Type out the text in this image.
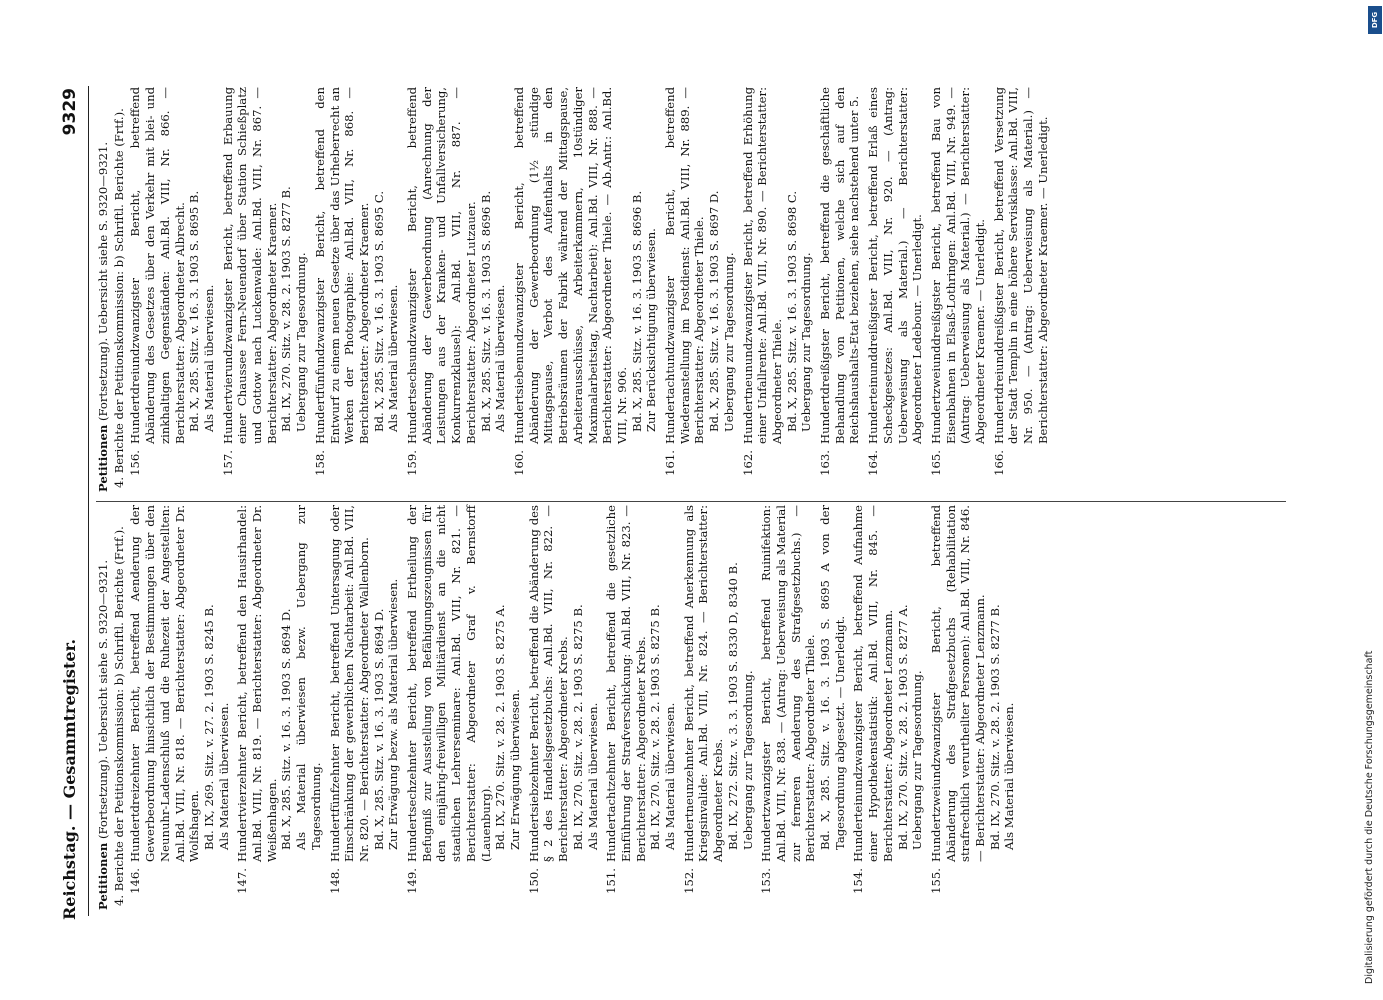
Reichstag. — Gesammtregister.
9329
Petitionen (Fortsetzung). Uebersicht siehe S. 9320—9321. 4. Berichte der Petitionskommission: b) Schriftl. Berichte (Frtf.). 146.
Hundertdreizehnter Bericht, betreffend Aenderung der Gewerbeordnung hinsichtlich der Bestimmungen über den Neunuhr-Ladenschluß und die Ruhezeit der Angestellten: Anl.Bd. VIII, Nr. 818. — Berichterstatter: Abgeordneter Dr. Wolfshagen. Bd. IX, 269. Sitz. v. 27. 2. 1903 S. 8245 B. Als Material überwiesen.
147.
Hundertvierzehnter Bericht, betreffend den Hausirhandel: Anl.Bd. VIII, Nr. 819. — Berichterstatter: Abgeordneter Dr. Weißenhagen. Bd. X, 285. Sitz. v. 16. 3. 1903 S. 8694 D. Als Material überwiesen bezw. Uebergang zur Tagesordnung.
148.
Hundertfünfzehnter Bericht, betreffend Untersagung oder Einschränkung der gewerblichen Nachtarbeit: Anl.Bd. VIII, Nr. 820. — Berichterstatter: Abgeordneter Wallenborn. Bd. X, 285. Sitz. v. 16. 3. 1903 S. 8694 D. Zur Erwägung bezw. als Material überwiesen.
149.
Hundertsechzehnter Bericht, betreffend Ertheilung der Befugniß zur Ausstellung von Befähigungszeugnissen für den einjährig-freiwilligen Militärdienst an die nicht staatlichen Lehrerseminare: Anl.Bd. VIII, Nr. 821. — Berichterstatter: Abgeordneter Graf v. Bernstorff (Lauenburg). Bd. IX, 270. Sitz. v. 28. 2. 1903 S. 8275 A. Zur Erwägung überwiesen.
150.
Hundertsiebzehnter Bericht, betreffend die Abänderung des § 2 des Handelsgesetzbuchs: Anl.Bd. VIII, Nr. 822. — Berichterstatter: Abgeordneter Krebs. Bd. IX, 270. Sitz. v. 28. 2. 1903 S. 8275 B. Als Material überwiesen.
151.
Hundertachtzehnter Bericht, betreffend die gesetzliche Einführung der Strafverschickung: Anl.Bd. VIII, Nr. 823. — Berichterstatter: Abgeordneter Krebs. Bd. IX, 270. Sitz. v. 28. 2. 1903 S. 8275 B. Als Material überwiesen.
152.
Hundertneunzehnter Bericht, betreffend Anerkennung als Kriegsinvalide: Anl.Bd. VIII, Nr. 824. — Berichterstatter: Abgeordneter Krebs. Bd. IX, 272. Sitz. v. 3. 3. 1903 S. 8330 D, 8340 B. Uebergang zur Tagesordnung.
153.
Hundertzwanzigster Bericht, betreffend Ruinifektion: Anl.Bd. VIII, Nr. 838. — (Antrag: Ueberweisung als Material zur ferneren Aenderung des Strafgesetzbuchs.) — Berichterstatter: Abgeordneter Thiele. Bd. X, 285. Sitz. v. 16. 3. 1903 S. 8695 A von der Tagesordnung abgesetzt. — Unerledigt.
154.
Hunderteinundzwanzigster Bericht, betreffend Aufnahme einer Hypothekenstatistik: Anl.Bd. VIII, Nr. 845. — Berichterstatter: Abgeordneter Lenzmann. Bd. IX, 270. Sitz. v. 28. 2. 1903 S. 8277 A. Uebergang zur Tagesordnung.
155.
Hundertzweiundzwanzigster Bericht, betreffend Abänderung des Strafgesetzbuchs (Rehabilitation strafrechtlich verurtheilter Personen): Anl.Bd. VIII, Nr. 846. — Berichterstatter: Abgeordneter Lenzmann. Bd. IX, 270. Sitz. v. 28. 2. 1903 S. 8277 B. Als Material überwiesen.
Petitionen (Fortsetzung). Uebersicht siehe S. 9320—9321. 4. Berichte der Petitionskommission: b) Schriftl. Berichte (Frtf.). 156.
Hundertdreiundzwanzigster Bericht, betreffend Abänderung des Gesetzes über den Verkehr mit blei- und zinkhaltigen Gegenständen: Anl.Bd. VIII, Nr. 866. — Berichterstatter: Abgeordneter Albrecht. Bd. X, 285. Sitz. v. 16. 3. 1903 S. 8695 B. Als Material überwiesen.
157.
Hundertvierundzwanzigster Bericht, betreffend Erbauung einer Chaussee Fern-Neuendorf über Station Schießplatz und Gottow nach Luckenwalde: Anl.Bd. VIII, Nr. 867. — Berichterstatter: Abgeordneter Kraemer. Bd. IX, 270. Sitz. v. 28. 2. 1903 S. 8277 B. Uebergang zur Tagesordnung.
158.
Hundertfünfundzwanzigster Bericht, betreffend den Entwurf zu einem neuen Gesetze über das Urheberrecht an Werken der Photographie: Anl.Bd. VIII, Nr. 868. — Berichterstatter: Abgeordneter Kraemer. Bd. X, 285. Sitz. v. 16. 3. 1903 S. 8695 C. Als Material überwiesen.
159.
Hundertsechsundzwanzigster Bericht, betreffend Abänderung der Gewerbeordnung (Anrechnung der Leistungen aus der Kranken- und Unfallversicherung, Konkurrenzklausel): Anl.Bd. VIII, Nr. 887. — Berichterstatter: Abgeordneter Lutzauer. Bd. X, 285. Sitz. v. 16. 3. 1903 S. 8696 B. Als Material überwiesen.
160.
Hundertsiebenundzwanzigster Bericht, betreffend Abänderung der Gewerbeordnung (1½ stündige Mittagspause, Verbot des Aufenthalts in den Betriebsräumen der Fabrik während der Mittagspause, Arbeiterausschüsse, Arbeiterkammern, 10stündiger Maximalarbeitstag, Nachtarbeit): Anl.Bd. VIII, Nr. 888. — Berichterstatter: Abgeordneter Thiele. — Ab.Antr.: Anl.Bd. VIII, Nr. 906. Bd. X, 285. Sitz. v. 16. 3. 1903 S. 8696 B. Zur Berücksichtigung überwiesen.
161.
Hundertachtundzwanzigster Bericht, betreffend Wiederanstellung im Postdienst: Anl.Bd. VIII, Nr. 889. — Berichterstatter: Abgeordneter Thiele. Bd. X, 285. Sitz. v. 16. 3. 1903 S. 8697 D. Uebergang zur Tagesordnung.
162.
Hundertneunundzwanzigster Bericht, betreffend Erhöhung einer Unfallrente: Anl.Bd. VIII, Nr. 890. — Berichterstatter: Abgeordneter Thiele. Bd. X, 285. Sitz. v. 16. 3. 1903 S. 8698 C. Uebergang zur Tagesordnung.
163.
Hundertdreißigster Bericht, betreffend die geschäftliche Behandlung von Petitionen, welche sich auf den Reichshaushalts-Etat beziehen, siehe nachstehend unter 5.
164.
Hunderteinunddreißigster Bericht, betreffend Erlaß eines Scheckgesetzes: Anl.Bd. VIII, Nr. 920. — (Antrag: Ueberweisung als Material.) — Berichterstatter: Abgeordneter Ledebour. — Unerledigt.
165.
Hundertzweiunddreißigster Bericht, betreffend Bau von Eisenbahnen in Elsaß-Lothringen: Anl.Bd. VIII, Nr. 949. — (Antrag: Ueberweisung als Material.) — Berichterstatter: Abgeordneter Kraemer. — Unerledigt.
166.
Hundertdreiunddreißigster Bericht, betreffend Versetzung der Stadt Templin in eine höhere Servisklasse: Anl.Bd. VIII, Nr. 950. — (Antrag: Ueberweisung als Material.) — Berichterstatter: Abgeordneter Kraemer. — Unerledigt.
Digitalisierung gefördert durch die Deutsche Forschungsgemeinschaft
DFG
